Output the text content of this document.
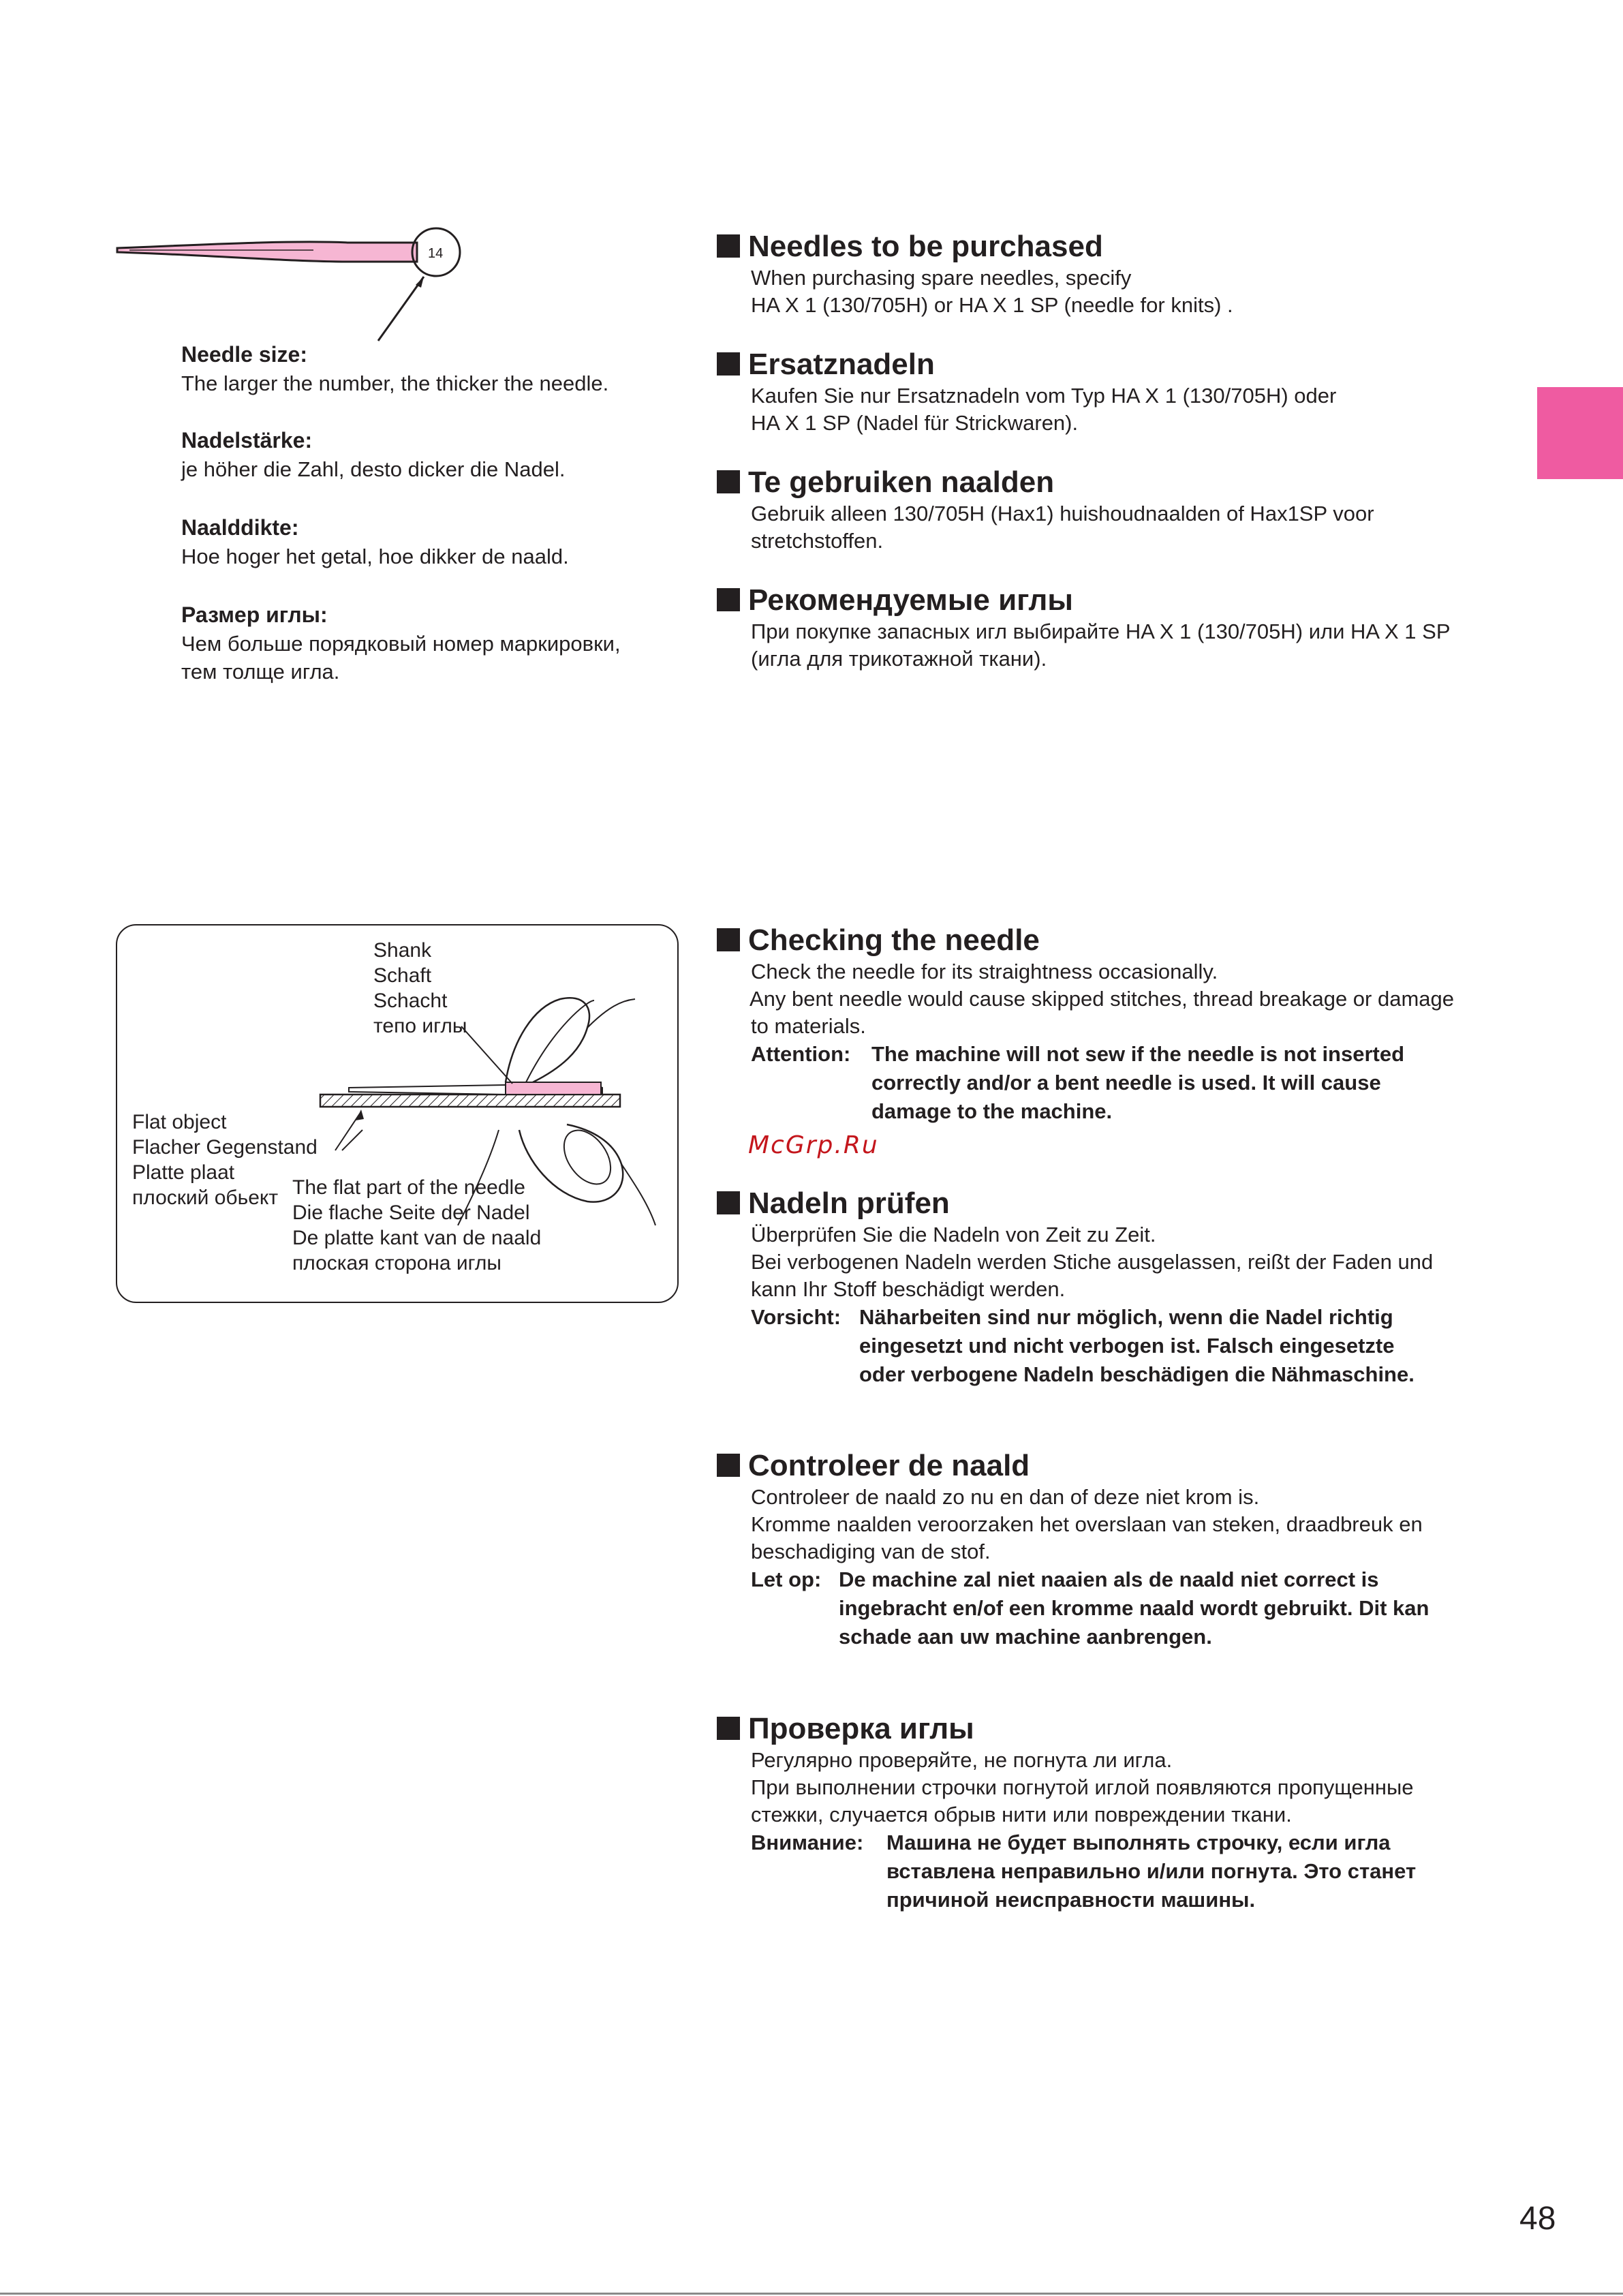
14
Needle size:
The larger the number, the thicker the needle.
Nadelstärke:
je höher die Zahl, desto dicker die Nadel.
Naalddikte:
Hoe hoger het getal, hoe dikker de naald.
Размер иглы:
Чем больше порядковый номер маркировки,
тем толще игла.
Needles to be purchased
When purchasing spare needles, specify
HA X 1 (130/705H) or HA X 1 SP (needle for knits) .
Ersatznadeln
Kaufen Sie nur Ersatznadeln vom Typ HA X 1 (130/705H) oder
HA X 1 SP (Nadel für Strickwaren).
Te gebruiken naalden
Gebruik alleen 130/705H (Hax1) huishoudnaalden of Hax1SP voor
stretchstoffen.
Рекомендуемые иглы
При покупке запасных игл выбирайте HA X 1 (130/705H) или HA X 1 SP
(игла для трикотажной ткани).
Shank
Schaft
Schacht
тепо иглы
Flat object
Flacher Gegenstand
Platte plaat
плоский обьект The flat part of the needle
Die flache Seite der Nadel
De platte kant van de naald
плоская сторона иглы
Checking the needle
Check the needle for its straightness occasionally.
Any bent needle would cause skipped stitches, thread breakage or damage
to materials.
Attention: The machine will not sew if the needle is not inserted
correctly and/or a bent needle is used. It will cause
damage to the machine.
McGrp.Ru
Nadeln prüfen
Überprüfen Sie die Nadeln von Zeit zu Zeit.
Bei verbogenen Nadeln werden Stiche ausgelassen, reißt der Faden und
kann Ihr Stoff beschädigt werden.
Vorsicht: Näharbeiten sind nur möglich, wenn die Nadel richtig
eingesetzt und nicht verbogen ist. Falsch eingesetzte
oder verbogene Nadeln beschädigen die Nähmaschine.
Controleer de naald
Controleer de naald zo nu en dan of deze niet krom is.
Kromme naalden veroorzaken het overslaan van steken, draadbreuk en
beschadiging van de stof.
Let op: De machine zal niet naaien als de naald niet correct is
ingebracht en/of een kromme naald wordt gebruikt. Dit kan
schade aan uw machine aanbrengen.
Проверка иглы
Регулярно проверяйте, не погнута ли игла.
При выполнении строчки погнутой иглой появляются пропущенные
стежки, случается обрыв нити или повреждении ткани.
Внимание: Машина не будет выполнять строчку, если игла
вставлена неправильно и/или погнута. Это станет
причиной неисправности машины.
48
